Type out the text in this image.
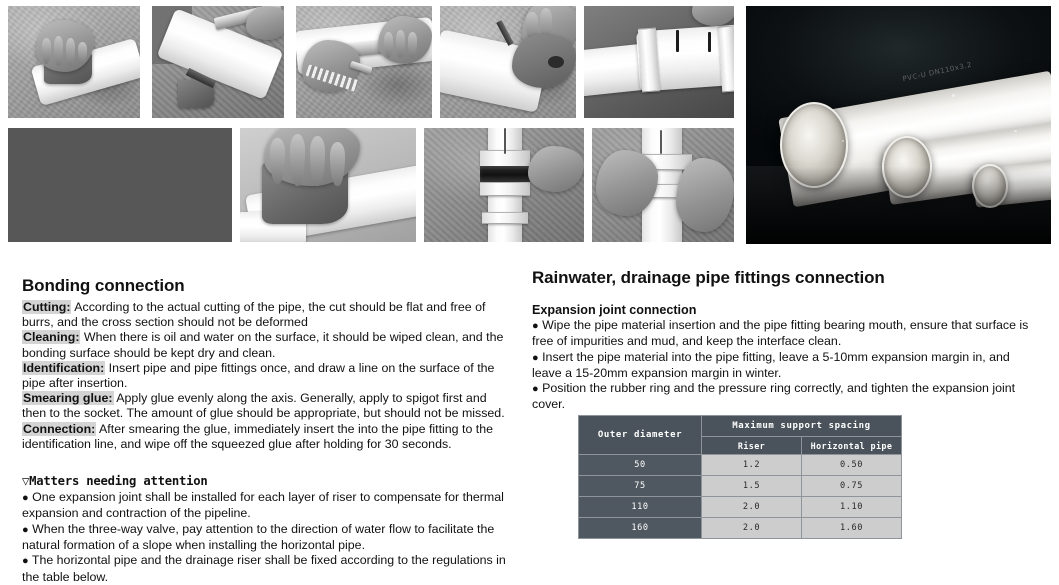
PVC-U DN110x3.2
Bonding connection

Cutting: According to the actual cutting of the pipe, the cut should be flat and free of burrs, and the cross section should not be deformed

Cleaning: When there is oil and water on the surface, it should be wiped clean, and the bonding surface should be kept dry and clean.

Identification: Insert pipe and pipe fittings once, and draw a line on the surface of the pipe after insertion.

Smearing glue: Apply glue evenly along the axis. Generally, apply to spigot first and then to the socket. The amount of glue should be appropriate, but should not be missed.

Connection: After smearing the glue, immediately insert the into the pipe fitting to the identification line, and wipe off the squeezed glue after holding for 30 seconds.

▽Matters needing attention

● One expansion joint shall be installed for each layer of riser to compensate for thermal expansion and contraction of the pipeline.

● When the three-way valve, pay attention to the direction of water flow to facilitate the natural formation of a slope when installing the horizontal pipe.

● The horizontal pipe and the drainage riser shall be fixed according to the regulations in the table below.

Rainwater, drainage pipe fittings connection

Expansion joint connection

● Wipe the pipe material insertion and the pipe fitting bearing mouth, ensure that surface is free of impurities and mud, and keep the interface clean.

● Insert the pipe material into the pipe fitting, leave a 5-10mm expansion margin in, and leave a 15-20mm expansion margin in winter.

● Position the rubber ring and the pressure ring correctly, and tighten the expansion joint cover.

Outer diameter	Maximum support spacing	
	Riser	Horizontal pipe
50	1.2	0.50
75	1.5	0.75
110	2.0	1.10
160	2.0	1.60
